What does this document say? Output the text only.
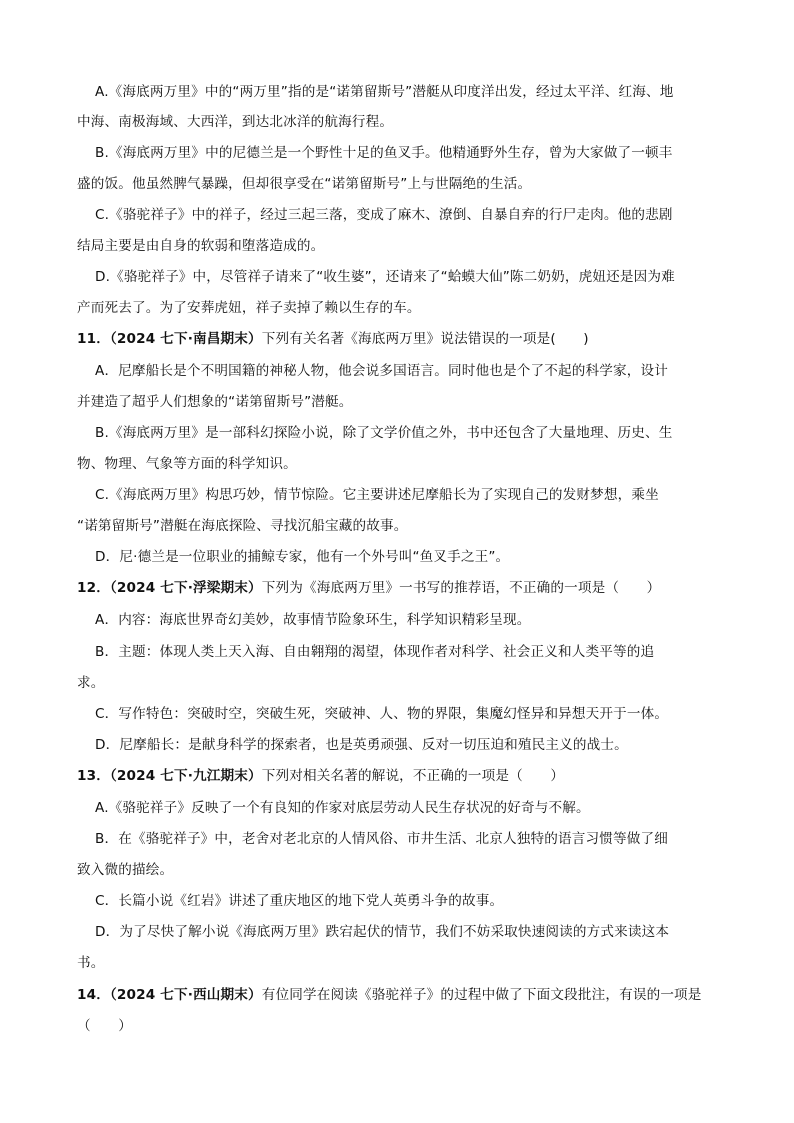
A.《海底两万里》中的“两万里”指的是“诺第留斯号”潜艇从印度洋出发，经过太平洋、红海、地
中海、南极海域、大西洋，到达北冰洋的航海行程。
B.《海底两万里》中的尼德兰是一个野性十足的鱼叉手。他精通野外生存，曾为大家做了一顿丰
盛的饭。他虽然脾气暴躁，但却很享受在“诺第留斯号”上与世隔绝的生活。
C.《骆驼祥子》中的祥子，经过三起三落，变成了麻木、潦倒、自暴自弃的行尸走肉。他的悲剧
结局主要是由自身的软弱和堕落造成的。
D.《骆驼祥子》中，尽管祥子请来了“收生婆”，还请来了“蛤蟆大仙”陈二奶奶，虎妞还是因为难
产而死去了。为了安葬虎妞，祥子卖掉了赖以生存的车。
11．（2024 七下·南昌期末）下列有关名著《海底两万里》说法错误的一项是(　　)
A．尼摩船长是个不明国籍的神秘人物，他会说多国语言。同时他也是个了不起的科学家，设计
并建造了超乎人们想象的“诺第留斯号”潜艇。
B.《海底两万里》是一部科幻探险小说，除了文学价值之外，书中还包含了大量地理、历史、生
物、物理、气象等方面的科学知识。
C.《海底两万里》构思巧妙，情节惊险。它主要讲述尼摩船长为了实现自己的发财梦想，乘坐
“诺第留斯号”潜艇在海底探险、寻找沉船宝藏的故事。
D．尼·德兰是一位职业的捕鲸专家，他有一个外号叫“鱼叉手之王”。
12．（2024 七下·浮梁期末）下列为《海底两万里》一书写的推荐语，不正确的一项是（　　）
A．内容：海底世界奇幻美妙，故事情节险象环生，科学知识精彩呈现。
B．主题：体现人类上天入海、自由翱翔的渴望，体现作者对科学、社会正义和人类平等的追
求。
C．写作特色：突破时空，突破生死，突破神、人、物的界限，集魔幻怪异和异想天开于一体。
D．尼摩船长：是献身科学的探索者，也是英勇顽强、反对一切压迫和殖民主义的战士。
13．（2024 七下·九江期末）下列对相关名著的解说，不正确的一项是（　　）
A.《骆驼祥子》反映了一个有良知的作家对底层劳动人民生存状况的好奇与不解。
B．在《骆驼祥子》中，老舍对老北京的人情风俗、市井生活、北京人独特的语言习惯等做了细
致入微的描绘。
C．长篇小说《红岩》讲述了重庆地区的地下党人英勇斗争的故事。
D．为了尽快了解小说《海底两万里》跌宕起伏的情节，我们不妨采取快速阅读的方式来读这本
书。
14．（2024 七下·西山期末）有位同学在阅读《骆驼祥子》的过程中做了下面文段批注，有误的一项是
（　　）
